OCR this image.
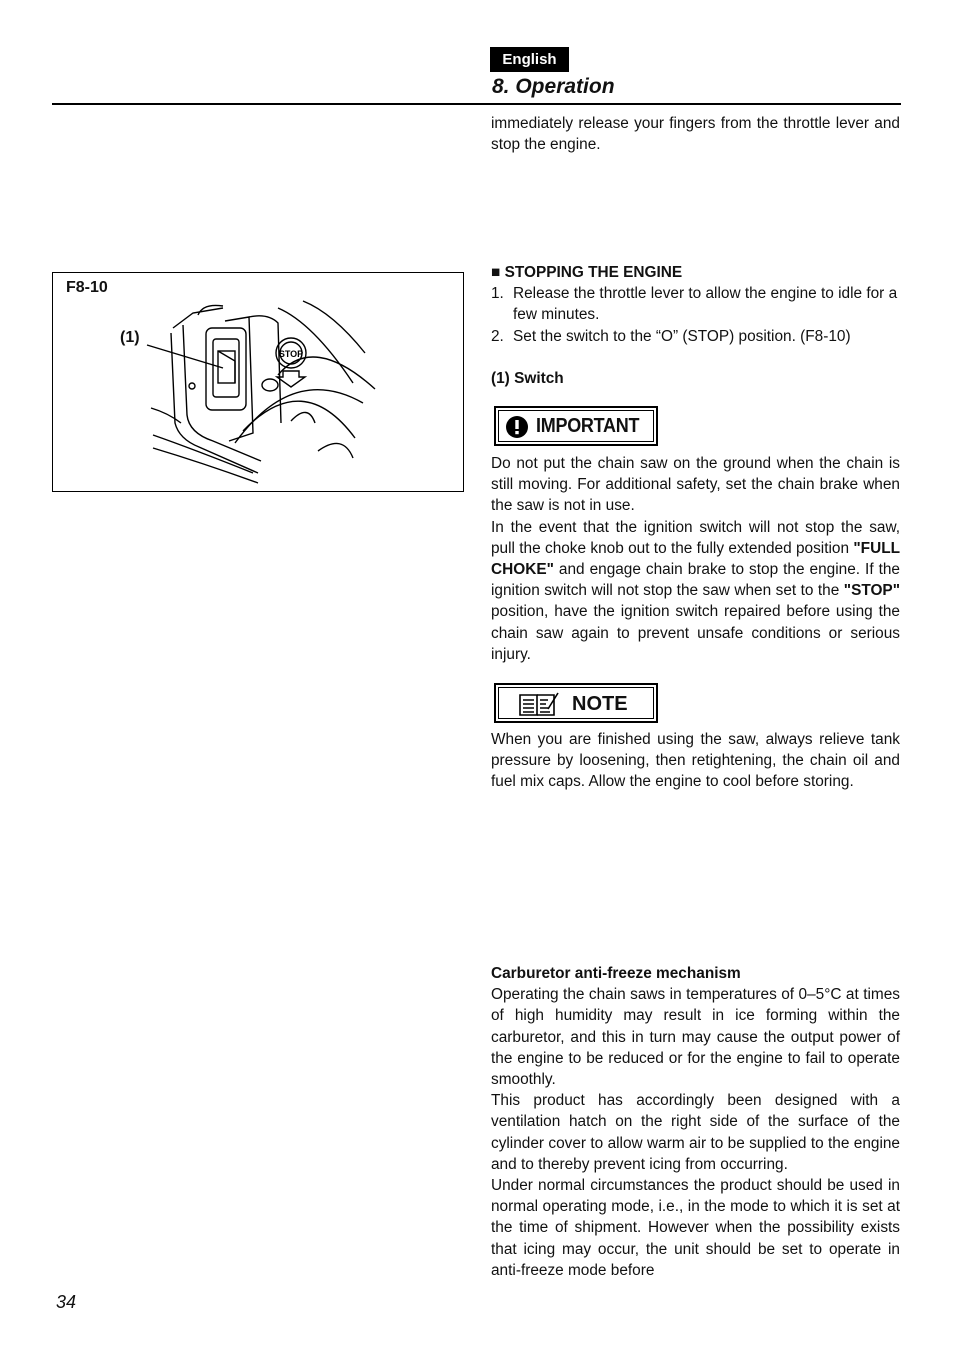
English
8. Operation

immediately release your fingers from the throttle lever and stop the engine.

F8-10
(1)
STOP

■ STOPPING THE ENGINE

1. Release the throttle lever to allow the engine to idle for a few minutes.
2. Set the switch to the “O” (STOP) position. (F8-10)

(1) Switch

IMPORTANT

Do not put the chain saw on the ground when the chain is still moving. For additional safety, set the chain brake when the saw is not in use.

In the event that the ignition switch will not stop the saw, pull the choke knob out to the fully extended position "FULL CHOKE" and engage chain brake to stop the engine. If the ignition switch will not stop the saw when set to the "STOP" position, have the ignition switch repaired before using the chain saw again to prevent unsafe conditions or serious injury.

NOTE

When you are finished using the saw, always relieve tank pressure by loosening, then retightening, the chain oil and fuel mix caps. Allow the engine to cool before storing.

Carburetor anti-freeze mechanism

Operating the chain saws in temperatures of 0–5°C at times of high humidity may result in ice forming within the carburetor, and this in turn may cause the output power of the engine to be reduced or for the engine to fail to operate smoothly.

This product has accordingly been designed with a ventilation hatch on the right side of the surface of the cylinder cover to allow warm air to be supplied to the engine and to thereby prevent icing from occurring.

Under normal circumstances the product should be used in normal operating mode, i.e., in the mode to which it is set at the time of shipment. However when the possibility exists that icing may occur, the unit should be set to operate in anti-freeze mode before

34
